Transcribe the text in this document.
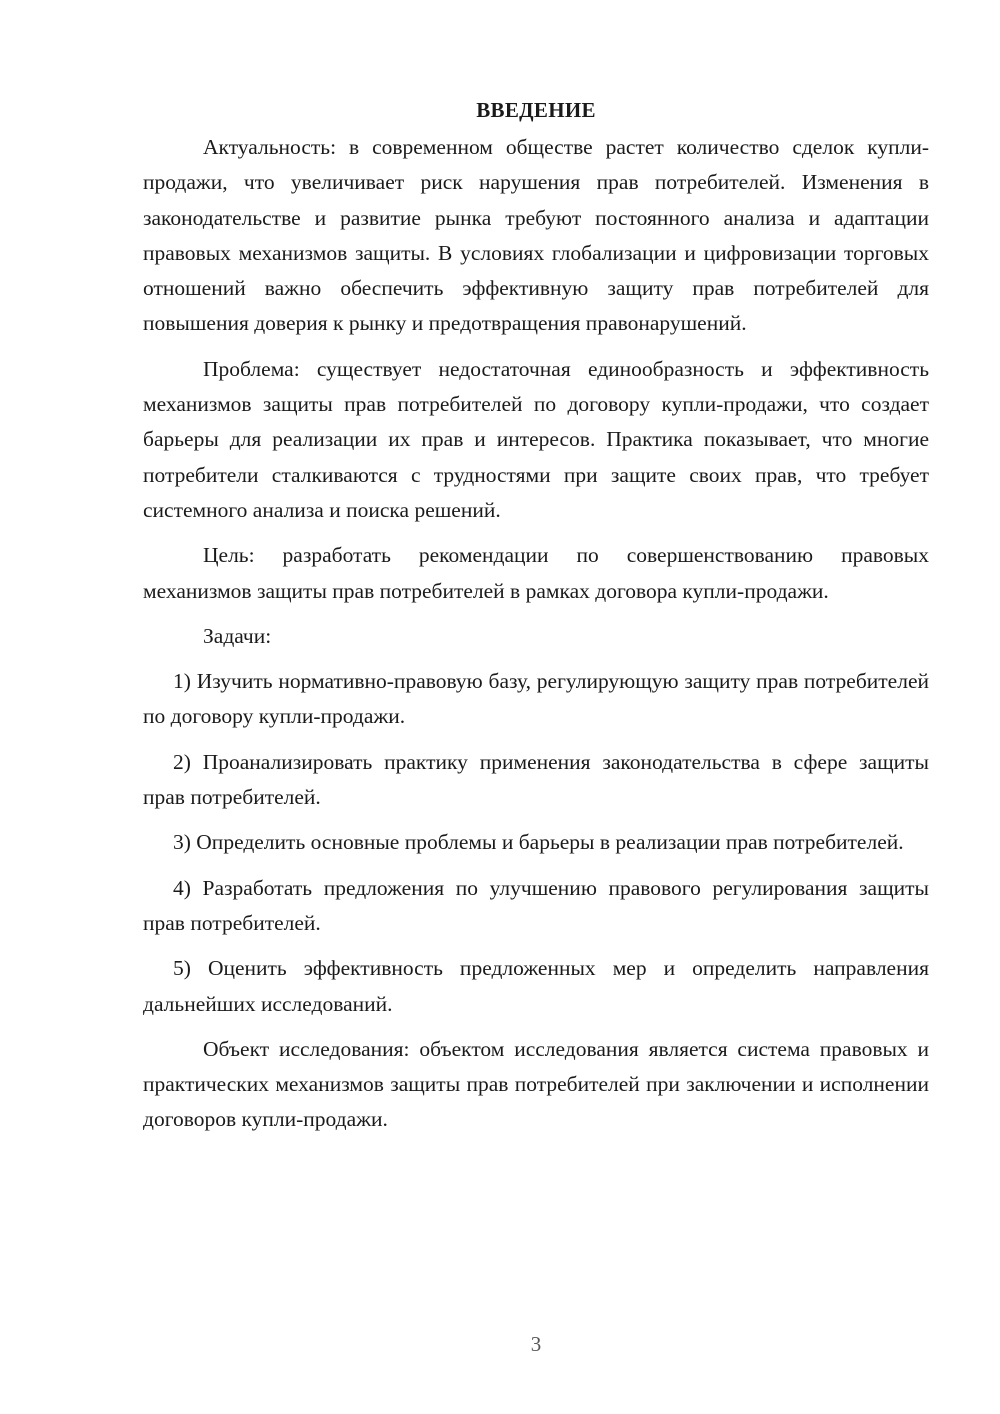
ВВЕДЕНИЕ

Актуальность: в современном обществе растет количество сделок купли-продажи, что увеличивает риск нарушения прав потребителей. Изменения в законодательстве и развитие рынка требуют постоянного анализа и адаптации правовых механизмов защиты. В условиях глобализации и цифровизации торговых отношений важно обеспечить эффективную защиту прав потребителей для повышения доверия к рынку и предотвращения правонарушений.

Проблема: существует недостаточная единообразность и эффективность механизмов защиты прав потребителей по договору купли-продажи, что создает барьеры для реализации их прав и интересов. Практика показывает, что многие потребители сталкиваются с трудностями при защите своих прав, что требует системного анализа и поиска решений.

Цель: разработать рекомендации по совершенствованию правовых механизмов защиты прав потребителей в рамках договора купли-продажи.

Задачи:

1) Изучить нормативно-правовую базу, регулирующую защиту прав потребителей по договору купли-продажи.

2) Проанализировать практику применения законодательства в сфере защиты прав потребителей.

3) Определить основные проблемы и барьеры в реализации прав потребителей.

4) Разработать предложения по улучшению правового регулирования защиты прав потребителей.

5) Оценить эффективность предложенных мер и определить направления дальнейших исследований.

Объект исследования: объектом исследования является система правовых и практических механизмов защиты прав потребителей при заключении и исполнении договоров купли-продажи.

3
